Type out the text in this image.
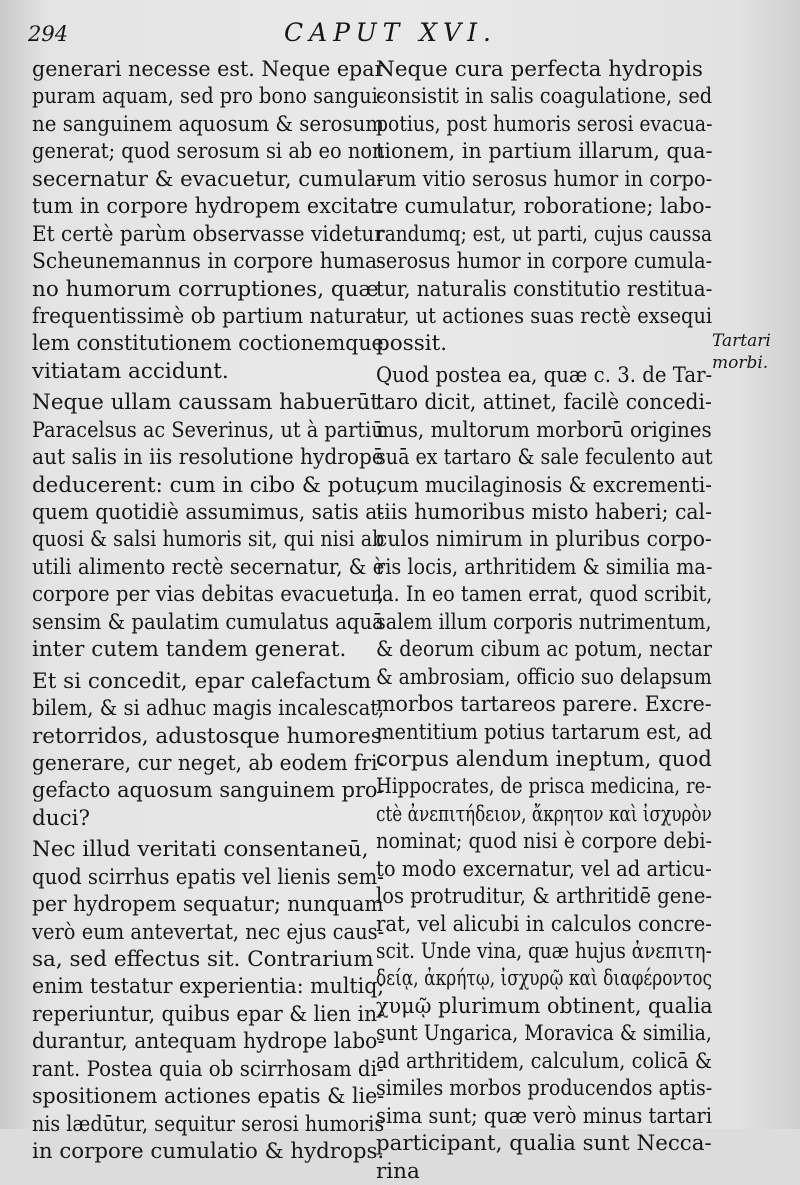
294	CAPUT XVI.
generari necesse est. Neque epar
puram aquam, sed pro bono sangui-
ne sanguinem aquosum & serosum
generat; quod serosum si ab eo non
secernatur & evacuetur, cumula-
tum in corpore hydropem excitat.
Et certè parùm observasse videtur
Scheunemannus in corpore huma-
no humorum corruptiones, quæ
frequentissimè ob partium natura-
lem constitutionem coctionemque
vitiatam accidunt.
Neque ullam caussam habuerūt
Paracelsus ac Severinus, ut à partiū
aut salis in iis resolutione hydropē
deducerent: cum in cibo & potu,
quem quotidiè assumimus, satis a-
quosi & salsi humoris sit, qui nisi ab
utili alimento rectè secernatur, & è
corpore per vias debitas evacuetur,
sensim & paulatim cumulatus aquā
inter cutem tandem generat.
Et si concedit, epar calefactum
bilem, & si adhuc magis incalescat,
retorridos, adustosque humores
generare, cur neget, ab eodem fri-
gefacto aquosum sanguinem pro-
duci?
Nec illud veritati consentaneū,
quod scirrhus epatis vel lienis sem-
per hydropem sequatur; nunquam
verò eum antevertat, nec ejus caus-
sa, sed effectus sit. Contrarium
enim testatur experientia: multiq;
reperiuntur, quibus epar & lien in-
durantur, antequam hydrope labo-
rant. Postea quia ob scirrhosam di-
spositionem actiones epatis & lie-
nis lædūtur, sequitur serosi humoris
in corpore cumulatio & hydrops.
Neque cura perfecta hydropis
consistit in salis coagulatione, sed
potius, post humoris serosi evacua-
tionem, in partium illarum, qua-
rum vitio serosus humor in corpo-
re cumulatur, roboratione; labo-
randumq; est, ut parti, cujus caussa
serosus humor in corpore cumula-
tur, naturalis constitutio restitua-
tur, ut actiones suas rectè exsequi
possit.
Quod postea ea, quæ c. 3. de Tar-
taro dicit, attinet, facilè concedi-
mus, multorum morborū origines
suā ex tartaro & sale feculento aut
cum mucilaginosis & excrementi-
tiis humoribus misto haberi; cal-
culos nimirum in pluribus corpo-
ris locis, arthritidem & similia ma-
la. In eo tamen errat, quod scribit,
salem illum corporis nutrimentum,
& deorum cibum ac potum, nectar
& ambrosiam, officio suo delapsum
morbos tartareos parere. Excre-
mentitium potius tartarum est, ad
corpus alendum ineptum, quod
Hippocrates, de prisca medicina, re-
ctè ἀνεπιτήδειον, ἄκρητον καὶ ἰσχυρὸν
nominat; quod nisi è corpore debi-
to modo excernatur, vel ad articu-
los protruditur, & arthritidē gene-
rat, vel alicubi in calculos concre-
scit. Unde vina, quæ hujus ἀνεπιτη-
δείᾳ, ἀκρήτῳ, ἰσχυρῷ καὶ διαφέροντος
χυμῷ plurimum obtinent, qualia
sunt Ungarica, Moravica & similia,
ad arthritidem, calculum, colicā &
similes morbos producendos aptis-
sima sunt; quæ verò minus tartari
participant, qualia sunt Necca-
rina
Tartari
morbi.
